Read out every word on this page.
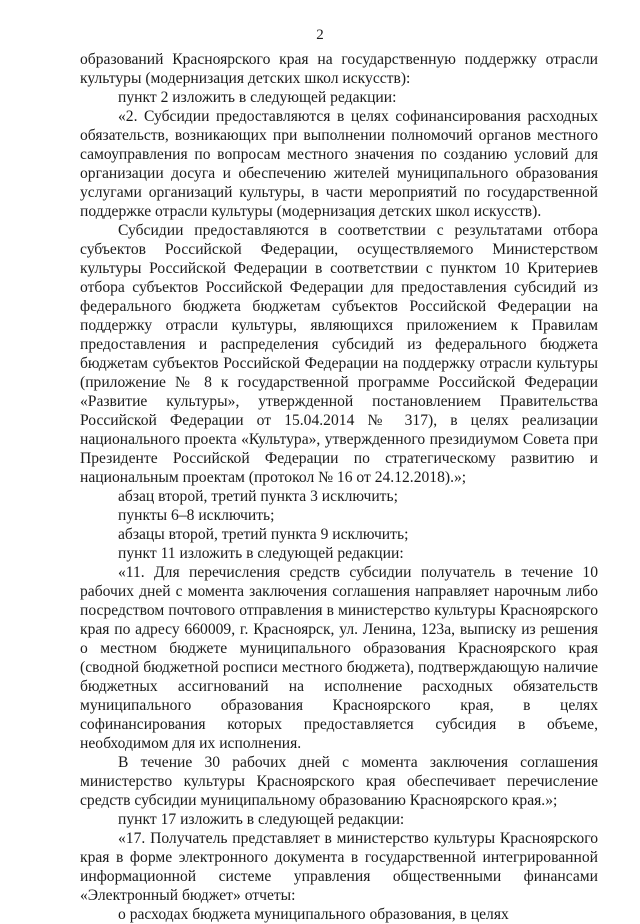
2

образований Красноярского края на государственную поддержку отрасли культуры (модернизация детских школ искусств):

пункт 2 изложить в следующей редакции:

«2. Субсидии предоставляются в целях софинансирования расходных обязательств, возникающих при выполнении полномочий органов местного самоуправления по вопросам местного значения по созданию условий для организации досуга и обеспечению жителей муниципального образования услугами организаций культуры, в части мероприятий по государственной поддержке отрасли культуры (модернизация детских школ искусств).

Субсидии предоставляются в соответствии с результатами отбора субъектов Российской Федерации, осуществляемого Министерством культуры Российской Федерации в соответствии с пунктом 10 Критериев отбора субъектов Российской Федерации для предоставления субсидий из федерального бюджета бюджетам субъектов Российской Федерации на поддержку отрасли культуры, являющихся приложением к Правилам предоставления и распределения субсидий из федерального бюджета бюджетам субъектов Российской Федерации на поддержку отрасли культуры (приложение № 8 к государственной программе Российской Федерации «Развитие культуры», утвержденной постановлением Правительства Российской Федерации от 15.04.2014 № 317), в целях реализации национального проекта «Культура», утвержденного президиумом Совета при Президенте Российской Федерации по стратегическому развитию и национальным проектам (протокол № 16 от 24.12.2018).»;

абзац второй, третий пункта 3 исключить;

пункты 6–8 исключить;

абзацы второй, третий пункта 9 исключить;

пункт 11 изложить в следующей редакции:

«11. Для перечисления средств субсидии получатель в течение 10 рабочих дней с момента заключения соглашения направляет нарочным либо посредством почтового отправления в министерство культуры Красноярского края по адресу 660009, г. Красноярск, ул. Ленина, 123а, выписку из решения о местном бюджете муниципального образования Красноярского края (сводной бюджетной росписи местного бюджета), подтверждающую наличие бюджетных ассигнований на исполнение расходных обязательств муниципального образования Красноярского края, в целях софинансирования которых предоставляется субсидия в объеме, необходимом для их исполнения.

В течение 30 рабочих дней с момента заключения соглашения министерство культуры Красноярского края обеспечивает перечисление средств субсидии муниципальному образованию Красноярского края.»;

пункт 17 изложить в следующей редакции:

«17. Получатель представляет в министерство культуры Красноярского края в форме электронного документа в государственной интегрированной информационной системе управления общественными финансами «Электронный бюджет» отчеты:

о расходах бюджета муниципального образования, в целях
